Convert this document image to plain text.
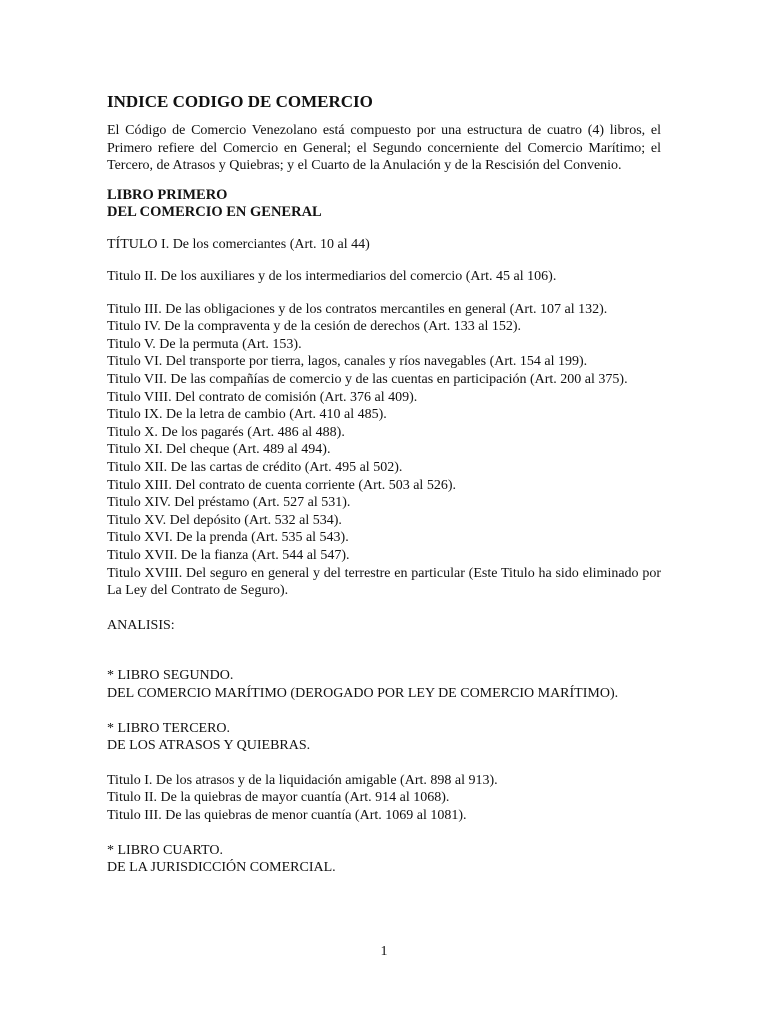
INDICE CODIGO DE COMERCIO

El Código de Comercio Venezolano está compuesto por una estructura de cuatro (4) libros, el Primero refiere del Comercio en General; el Segundo concerniente del Comercio Marítimo; el Tercero, de Atrasos y Quiebras; y el Cuarto de la Anulación y de la Rescisión del Convenio.

LIBRO PRIMERO

DEL COMERCIO EN GENERAL

TÍTULO I. De los comerciantes (Art. 10 al 44)

Titulo II. De los auxiliares y de los intermediarios del comercio (Art. 45 al 106).

Titulo III. De las obligaciones y de los contratos mercantiles en general (Art. 107 al 132).

Titulo IV. De la compraventa y de la cesión de derechos (Art. 133 al 152).

Titulo V. De la permuta (Art. 153).

Titulo VI. Del transporte por tierra, lagos, canales y ríos navegables (Art. 154 al 199).

Titulo VII. De las compañías de comercio y de las cuentas en participación (Art. 200 al 375).

Titulo VIII. Del contrato de comisión (Art. 376 al 409).

Titulo IX. De la letra de cambio (Art. 410 al 485).

Titulo X. De los pagarés (Art. 486 al 488).

Titulo XI. Del cheque (Art. 489 al 494).

Titulo XII. De las cartas de crédito (Art. 495 al 502).

Titulo XIII. Del contrato de cuenta corriente (Art. 503 al 526).

Titulo XIV. Del préstamo (Art. 527 al 531).

Titulo XV. Del depósito (Art. 532 al 534).

Titulo XVI. De la prenda (Art. 535 al 543).

Titulo XVII. De la fianza (Art. 544 al 547).

Titulo XVIII. Del seguro en general y del terrestre en particular (Este Titulo ha sido eliminado por La Ley del Contrato de Seguro).

ANALISIS:

* LIBRO SEGUNDO.

DEL COMERCIO MARÍTIMO (DEROGADO POR LEY DE COMERCIO MARÍTIMO).

* LIBRO TERCERO.

DE LOS ATRASOS Y QUIEBRAS.

Titulo I. De los atrasos y de la liquidación amigable (Art. 898 al 913).

Titulo II. De la quiebras de mayor cuantía (Art. 914 al 1068).

Titulo III. De las quiebras de menor cuantía (Art. 1069 al 1081).

* LIBRO CUARTO.

DE LA JURISDICCIÓN COMERCIAL.

1
